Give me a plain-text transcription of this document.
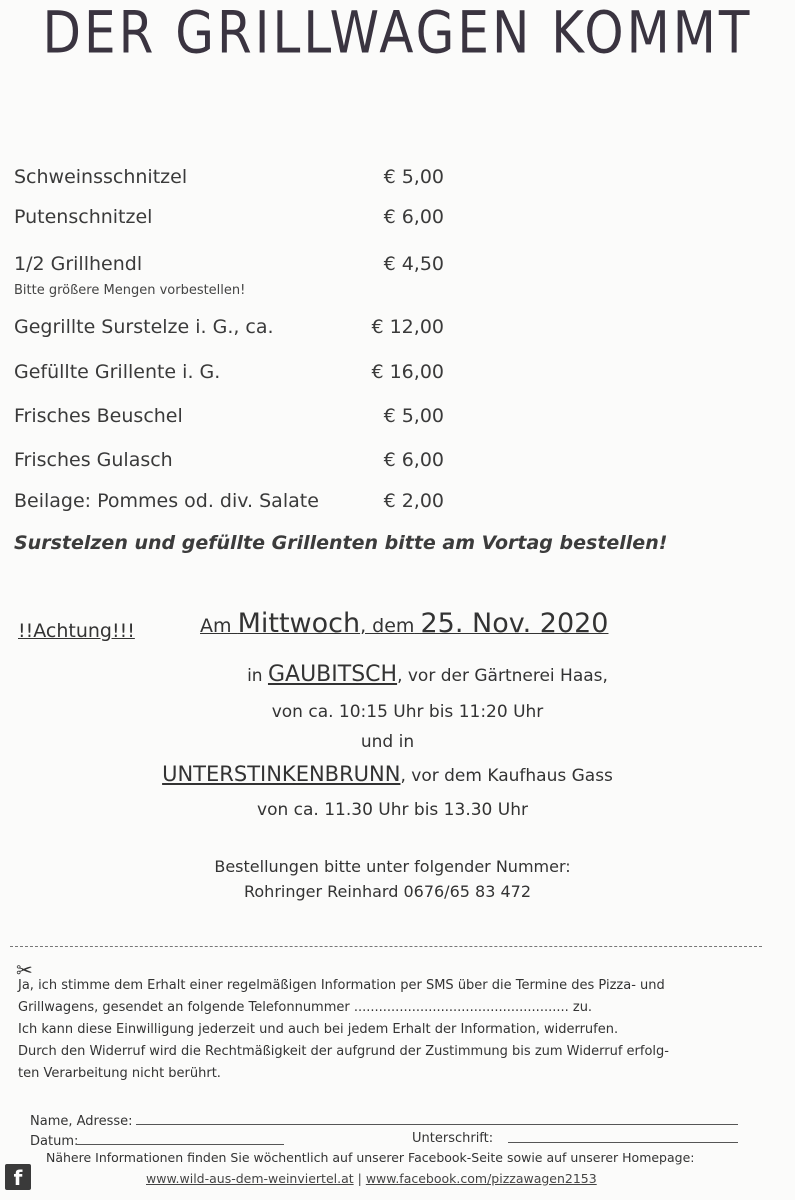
DER GRILLWAGEN KOMMT
Schweinsschnitzel	€ 5,00
Putenschnitzel	€ 6,00
1/2 Grillhendl	€ 4,50
Bitte größere Mengen vorbestellen!
Gegrillte Surstelze i. G., ca.	€ 12,00
Gefüllte Grillente i. G.	€ 16,00
Frisches Beuschel	€ 5,00
Frisches Gulasch	€ 6,00
Beilage: Pommes od. div. Salate	€ 2,00
Surstelzen und gefüllte Grillenten bitte am Vortag bestellen!
!!Achtung!!!	Am Mittwoch, dem 25. Nov. 2020
in GAUBITSCH, vor der Gärtnerei Haas,
von ca. 10:15 Uhr bis 11:20 Uhr
und in
UNTERSTINKENBRUNN, vor dem Kaufhaus Gass
von ca. 11.30 Uhr bis 13.30 Uhr
Bestellungen bitte unter folgender Nummer:
Rohringer Reinhard 0676/65 83 472
✂
Ja, ich stimme dem Erhalt einer regelmäßigen Information per SMS über die Termine des Pizza- und
Grillwagens, gesendet an folgende Telefonnummer .................................................... zu.
Ich kann diese Einwilligung jederzeit und auch bei jedem Erhalt der Information, widerrufen.
Durch den Widerruf wird die Rechtmäßigkeit der aufgrund der Zustimmung bis zum Widerruf erfolg-
ten Verarbeitung nicht berührt.
Name, Adresse:
Datum:	Unterschrift:
f
Nähere Informationen finden Sie wöchentlich auf unserer Facebook-Seite sowie auf unserer Homepage:
www.wild-aus-dem-weinviertel.at | www.facebook.com/pizzawagen2153
